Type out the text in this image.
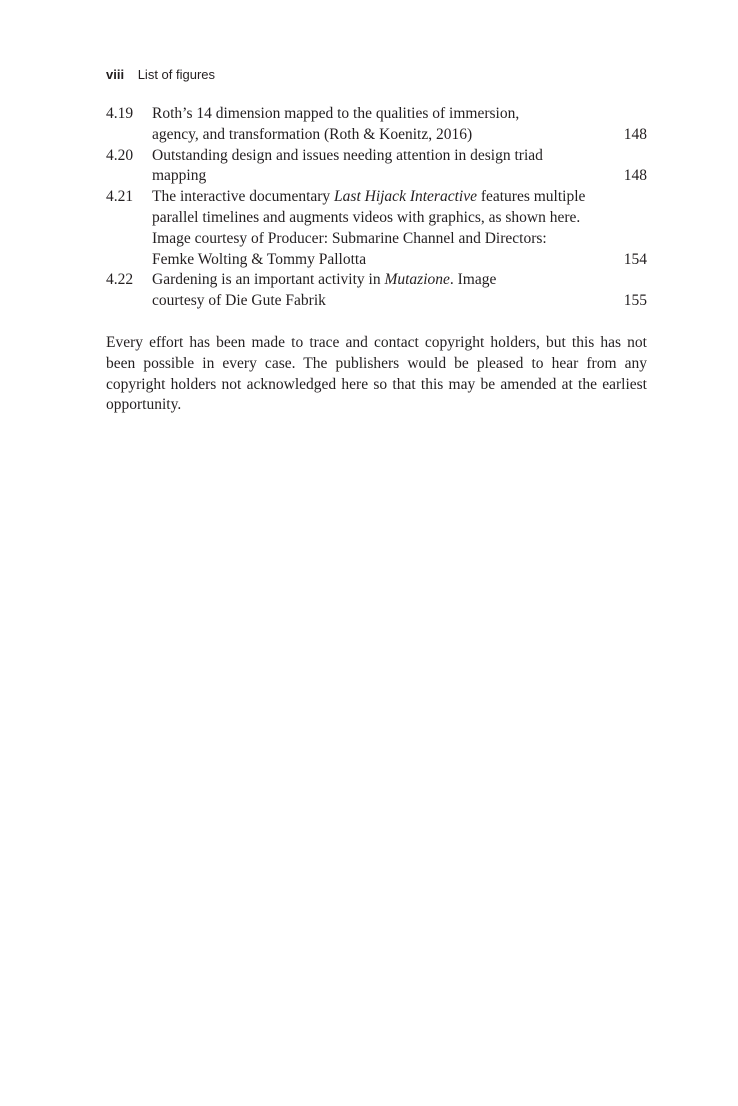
viii List of figures
4.19	Roth’s 14 dimension mapped to the qualities of immersion,
agency, and transformation (Roth & Koenitz, 2016)	148
4.20	Outstanding design and issues needing attention in design triad
mapping	148
4.21	The interactive documentary Last Hijack Interactive features multiple
parallel timelines and augments videos with graphics, as shown here.
Image courtesy of Producer: Submarine Channel and Directors:
Femke Wolting & Tommy Pallotta	154
4.22	Gardening is an important activity in Mutazione. Image
courtesy of Die Gute Fabrik	155

Every effort has been made to trace and contact copyright holders, but this has not been possible in every case. The publishers would be pleased to hear from any copyright holders not acknowledged here so that this may be amended at the earliest opportunity.
